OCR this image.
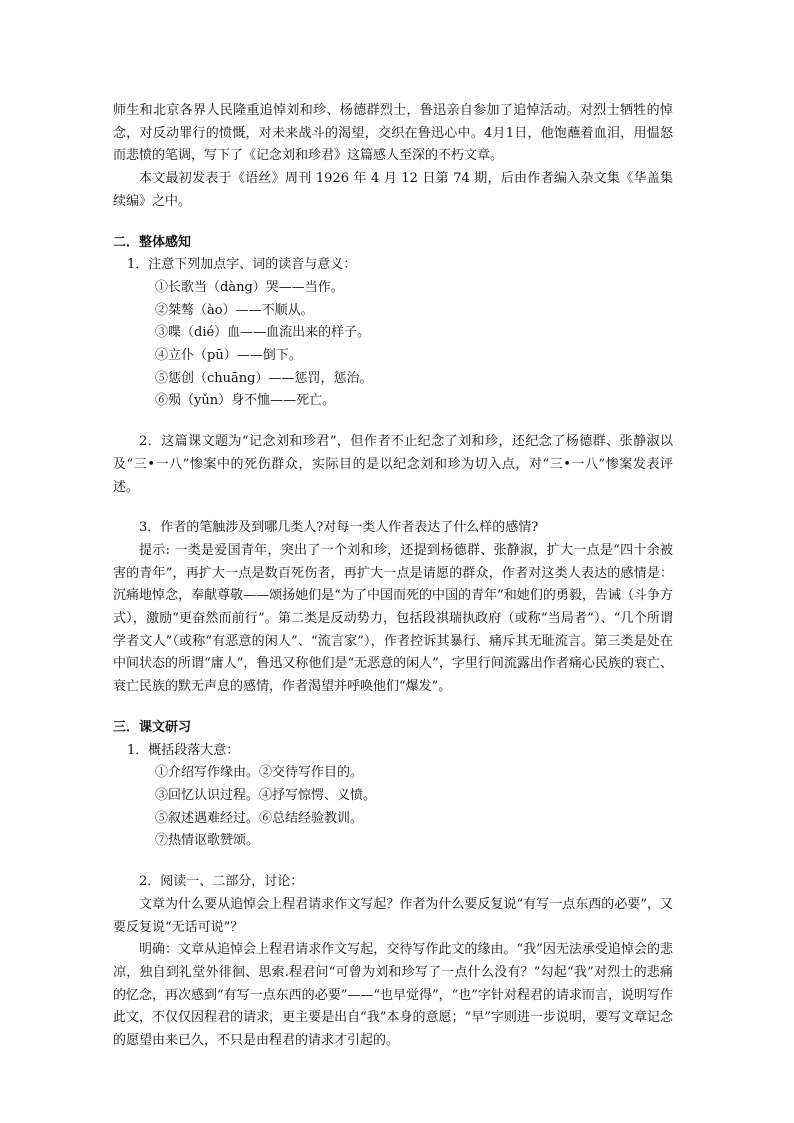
师生和北京各界人民隆重追悼刘和珍、杨德群烈士，鲁迅亲自参加了追悼活动。对烈士牺牲的悼念，对反动罪行的愤慨，对未来战斗的渴望，交织在鲁迅心中。4月1日，他饱蘸着血泪，用愠怒而悲愤的笔调，写下了《记念刘和珍君》这篇感人至深的不朽文章。

本文最初发表于《语丝》周刊 1926 年 4 月 12 日第 74 期，后由作者编入杂文集《华盖集续编》之中。

二．整体感知

1．注意下列加点字、词的读音与意义：

①长歌当（dàng）哭——当作。

②桀骜（ào）——不顺从。

③喋（dié）血——血流出来的样子。

④立仆（pū）——倒下。

⑤惩创（chuāng）——惩罚，惩治。

⑥殒（yǔn）身不恤——死亡。

2．这篇课文题为“记念刘和珍君”，但作者不止纪念了刘和珍，还纪念了杨德群、张静淑以及“三•一八”惨案中的死伤群众，实际目的是以纪念刘和珍为切入点，对“三•一八”惨案发表评述。

3．作者的笔触涉及到哪几类人?对每一类人作者表达了什么样的感情?

提示: 一类是爱国青年，突出了一个刘和珍，还提到杨德群、张静淑，扩大一点是“四十余被害的青年”，再扩大一点是数百死伤者，再扩大一点是请愿的群众，作者对这类人表达的感情是：沉痛地悼念，奉献尊敬——颂扬她们是“为了中国而死的中国的青年”和她们的勇毅，告诫（斗争方式），激励“更奋然而前行”。第二类是反动势力，包括段祺瑞执政府（或称“当局者”）、“几个所谓学者文人”（或称“有恶意的闲人”、“流言家”），作者控诉其暴行、痛斥其无耻流言。第三类是处在中间状态的所谓“庸人”，鲁迅又称他们是“无恶意的闲人”，字里行间流露出作者痛心民族的衰亡、衰亡民族的默无声息的感情，作者渴望并呼唤他们“爆发”。

三．课文研习

1．概括段落大意：

①介绍写作缘由。②交待写作目的。

③回忆认识过程。④抒写惊愕、义愤。

⑤叙述遇难经过。⑥总结经验教训。

⑦热情讴歌赞颂。

2．阅读一、二部分，讨论：

文章为什么要从追悼会上程君请求作文写起？作者为什么要反复说“有写一点东西的必要”，又要反复说“无话可说”？

明确：文章从追悼会上程君请求作文写起，交待写作此文的缘由。“我”因无法承受追悼会的悲凉，独自到礼堂外徘徊、思索.程君问“可曾为刘和珍写了一点什么没有？”勾起“我”对烈士的悲痛的忆念，再次感到“有写一点东西的必要”——“也早觉得”，“也”字针对程君的请求而言，说明写作此文，不仅仅因程君的请求，更主要是出自“我”本身的意愿；“早”字则进一步说明，要写文章记念的愿望由来已久，不只是由程君的请求才引起的。
